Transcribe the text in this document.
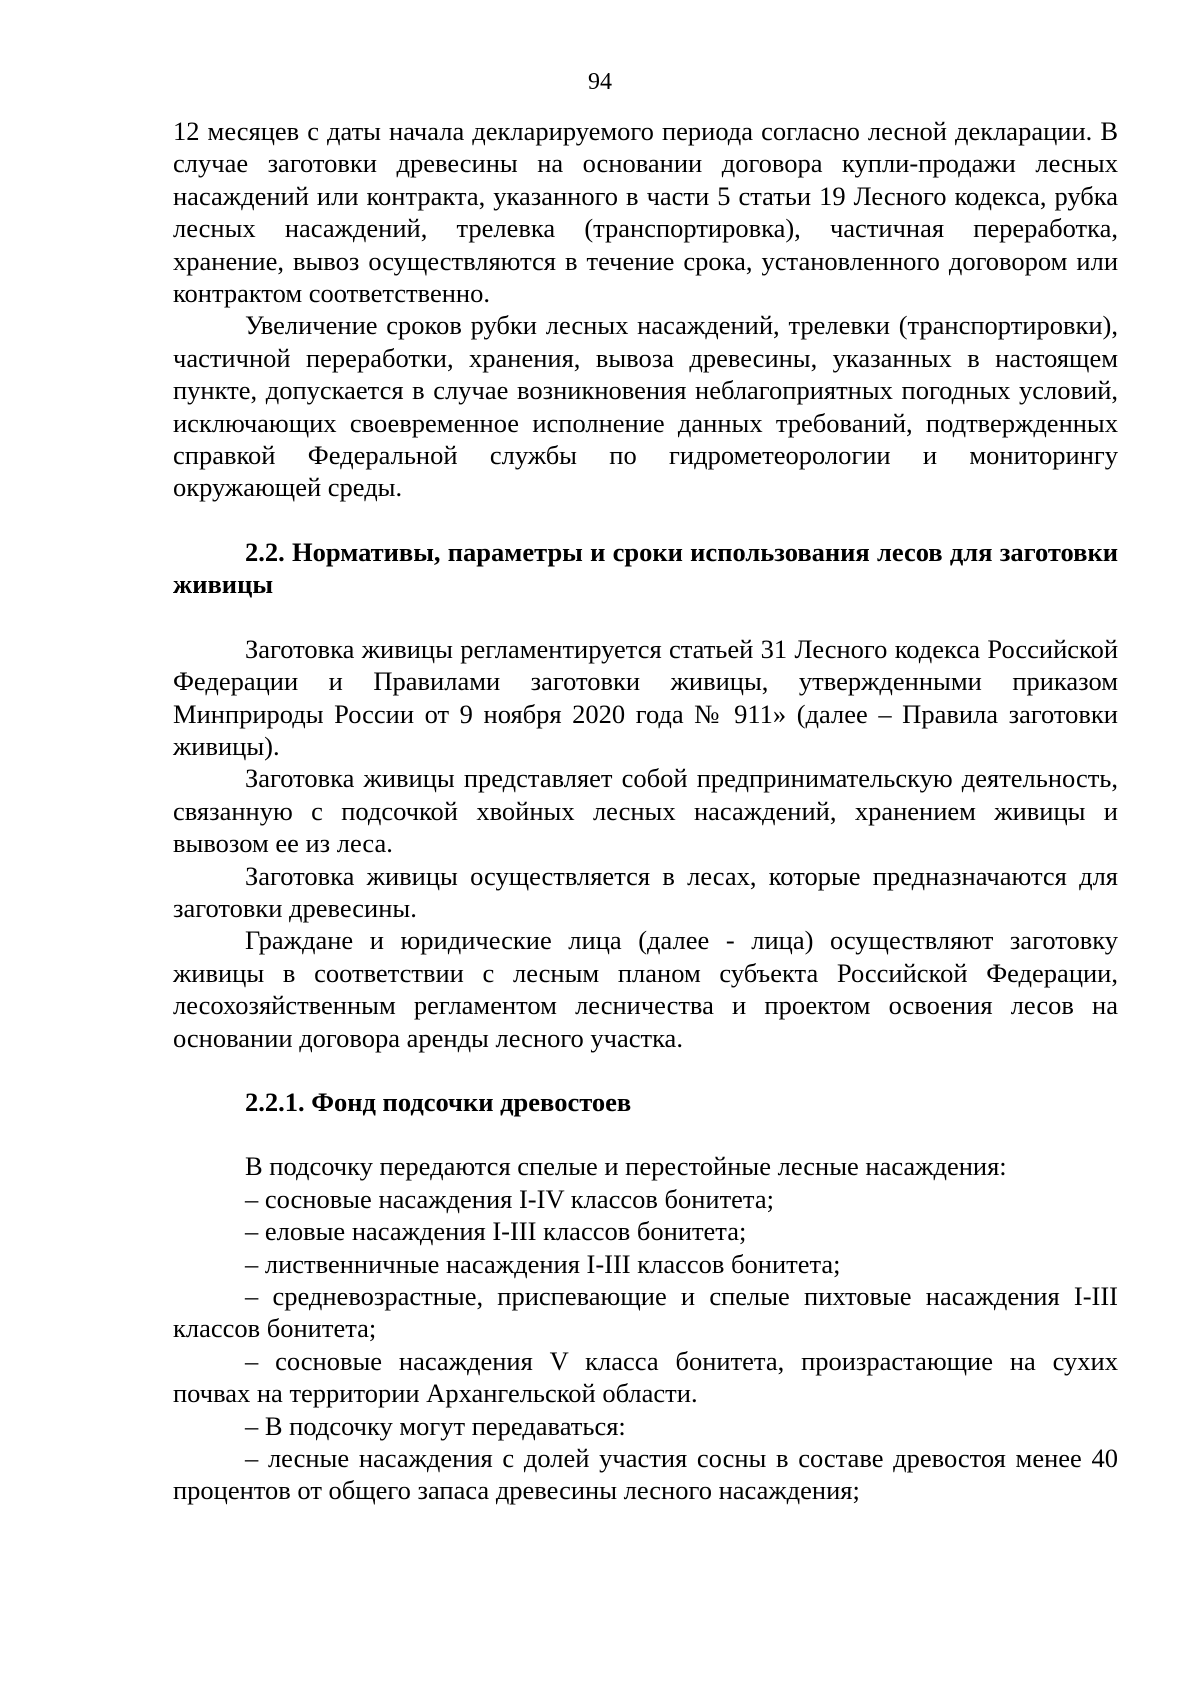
94

12 месяцев с даты начала декларируемого периода согласно лесной декларации. В случае заготовки древесины на основании договора купли-продажи лесных насаждений или контракта, указанного в части 5 статьи 19 Лесного кодекса, рубка лесных насаждений, трелевка (транспортировка), частичная переработка, хранение, вывоз осуществляются в течение срока, установленного договором или контрактом соответственно.

Увеличение сроков рубки лесных насаждений, трелевки (транспортировки), частичной переработки, хранения, вывоза древесины, указанных в настоящем пункте, допускается в случае возникновения неблагоприятных погодных условий, исключающих своевременное исполнение данных требований, подтвержденных справкой Федеральной службы по гидрометеорологии и мониторингу окружающей среды.

2.2. Нормативы, параметры и сроки использования лесов для заготовки живицы

Заготовка живицы регламентируется статьей 31 Лесного кодекса Российской Федерации и Правилами заготовки живицы, утвержденными приказом Минприроды России от 9 ноября 2020 года № 911» (далее – Правила заготовки живицы).

Заготовка живицы представляет собой предпринимательскую деятельность, связанную с подсочкой хвойных лесных насаждений, хранением живицы и вывозом ее из леса.

Заготовка живицы осуществляется в лесах, которые предназначаются для заготовки древесины.

Граждане и юридические лица (далее - лица) осуществляют заготовку живицы в соответствии с лесным планом субъекта Российской Федерации, лесохозяйственным регламентом лесничества и проектом освоения лесов на основании договора аренды лесного участка.

2.2.1. Фонд подсочки древостоев

В подсочку передаются спелые и перестойные лесные насаждения:

– сосновые насаждения I-IV классов бонитета;

– еловые насаждения I-III классов бонитета;

– лиственничные насаждения I-III классов бонитета;

– средневозрастные, приспевающие и спелые пихтовые насаждения I-III классов бонитета;

– сосновые насаждения V класса бонитета, произрастающие на сухих почвах на территории Архангельской области.

– В подсочку могут передаваться:

– лесные насаждения с долей участия сосны в составе древостоя менее 40 процентов от общего запаса древесины лесного насаждения;
